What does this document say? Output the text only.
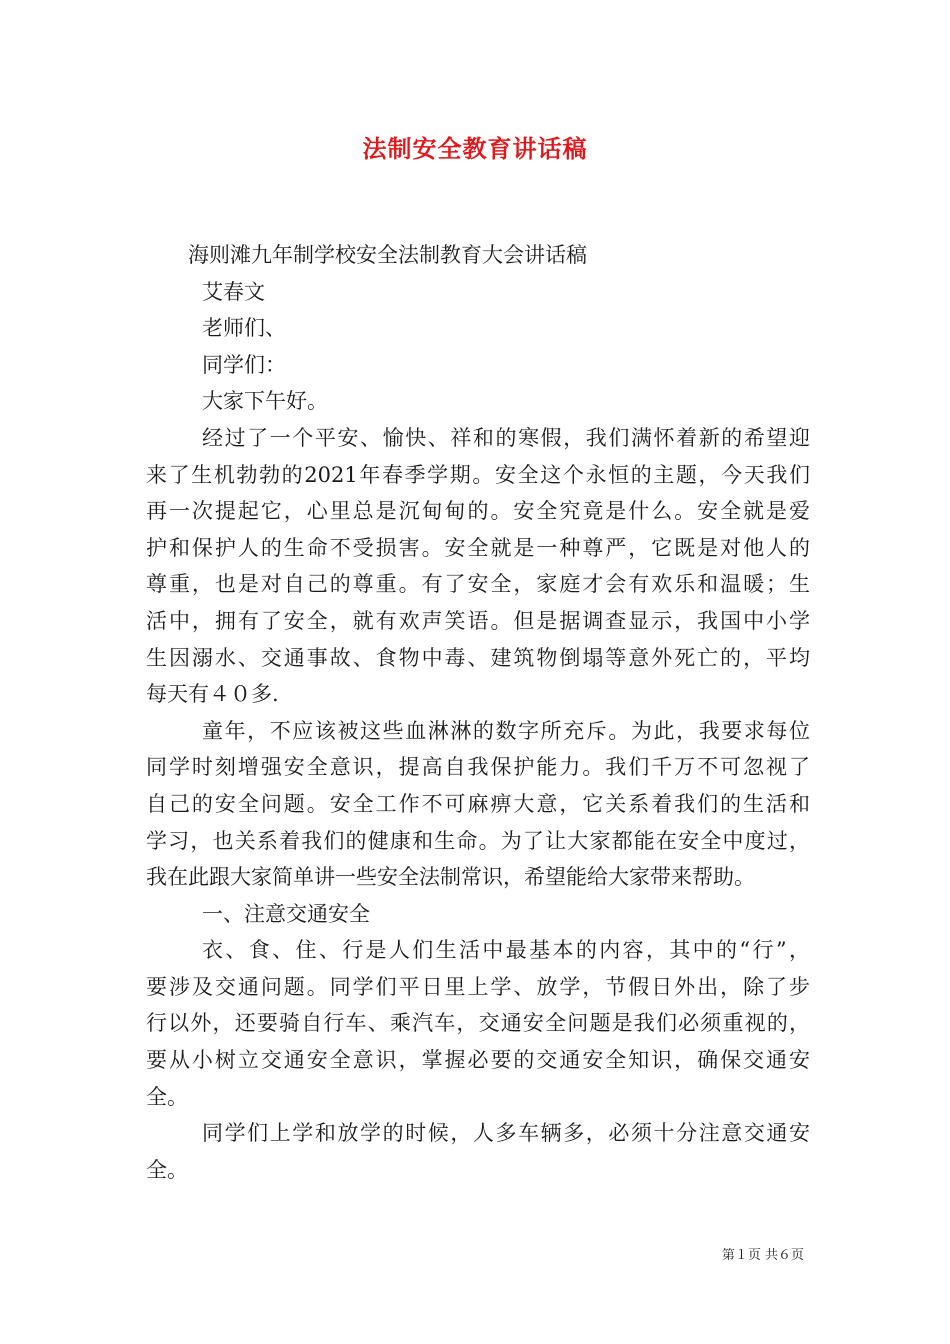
法制安全教育讲话稿
海则滩九年制学校安全法制教育大会讲话稿
艾春文
老师们、
同学们：
大家下午好。
经过了一个平安、愉快、祥和的寒假，我们满怀着新的希望迎
来了生机勃勃的2021年春季学期。安全这个永恒的主题，今天我们
再一次提起它，心里总是沉甸甸的。安全究竟是什么。安全就是爱
护和保护人的生命不受损害。安全就是一种尊严，它既是对他人的
尊重，也是对自己的尊重。有了安全，家庭才会有欢乐和温暖；生
活中，拥有了安全，就有欢声笑语。但是据调查显示，我国中小学
生因溺水、交通事故、食物中毒、建筑物倒塌等意外死亡的，平均
每天有４０多.
童年，不应该被这些血淋淋的数字所充斥。为此，我要求每位
同学时刻增强安全意识，提高自我保护能力。我们千万不可忽视了
自己的安全问题。安全工作不可麻痹大意，它关系着我们的生活和
学习，也关系着我们的健康和生命。为了让大家都能在安全中度过，
我在此跟大家简单讲一些安全法制常识，希望能给大家带来帮助。
一、注意交通安全
衣、食、住、行是人们生活中最基本的内容，其中的“行”，
要涉及交通问题。同学们平日里上学、放学，节假日外出，除了步
行以外，还要骑自行车、乘汽车，交通安全问题是我们必须重视的，
要从小树立交通安全意识，掌握必要的交通安全知识，确保交通安
全。
同学们上学和放学的时候，人多车辆多，必须十分注意交通安
全。
第１页 共６页
